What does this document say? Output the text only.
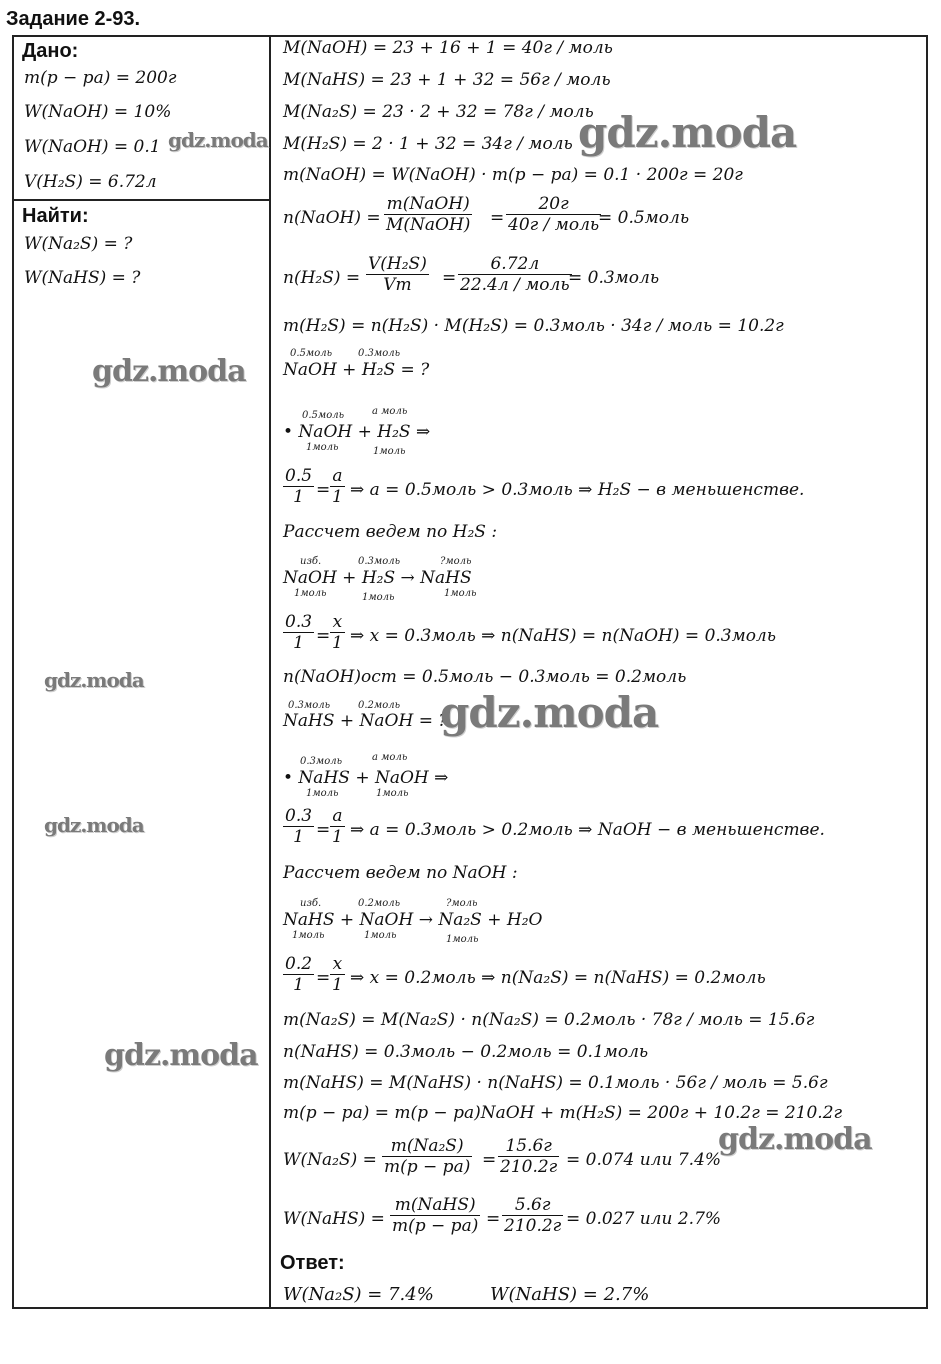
Задание 2-93.
Дано:
m(р − ра) = 200г
W(NaOH) = 10%
W(NaOH) = 0.1
V(H₂S) = 6.72л
Найти:
W(Na₂S) = ?
W(NaHS) = ?
M(NaOH) = 23 + 16 + 1 = 40г / моль
M(NaHS) = 23 + 1 + 32 = 56г / моль
M(Na₂S) = 23 · 2 + 32 = 78г / моль
M(H₂S) = 2 · 1 + 32 = 34г / моль
m(NaOH) = W(NaOH) · m(р − ра) = 0.1 · 200г = 20г
n(NaOH) =
m(NaOH)
M(NaOH) =
20г
40г / моль
= 0.5моль
$n(H_2S) = \frac{\text{V(H₂S)}}{Vm}$ =
6.72л
22.4л / моль
= 0.3моль
m(H₂S) = n(H₂S) · M(H₂S) = 0.3моль · 34г / моль = 10.2г
0.5моль	0.3моль
NaOH + H₂S = ?
0.5моль	а моль
• NaOH + H₂S ⇒
1моль	1моль
$\frac{0.5}{1} = \frac{a}{1}$ ⇒ a = 0.5моль > 0.3моль ⇒ H₂S − в меньшенстве.
Рассчет ведем по H₂S :
изб.	0.3моль	?моль
NaOH + H₂S → NaHS
1моль	1моль	1моль
$\frac{0.3}{1} = \frac{x}{1}$ ⇒ x = 0.3моль ⇒ n(NaHS) = n(NaOH) = 0.3моль
n(NaOH)ост = 0.5моль − 0.3моль = 0.2моль
0.3моль	0.2моль
NaHS + NaOH = ?
0.3моль	а моль
• NaHS + NaOH ⇒
1моль	1моль
$\frac{0.3}{1} = \frac{a}{1}$ ⇒ a = 0.3моль > 0.2моль ⇒ NaOH − в меньшенстве.
Рассчет ведем по NaOH :
изб.	0.2моль	?моль
NaHS + NaOH → Na₂S + H₂O
1моль	1моль	1моль
$\frac{0.2}{1} = \frac{x}{1}$ ⇒ x = 0.2моль ⇒ n(Na₂S) = n(NaHS) = 0.2моль
m(Na₂S) = M(Na₂S) · n(Na₂S) = 0.2моль · 78г / моль = 15.6г
n(NaHS) = 0.3моль − 0.2моль = 0.1моль
m(NaHS) = M(NaHS) · n(NaHS) = 0.1моль · 56г / моль = 5.6г
m(р − ра) = m(р − ра)NaOH + m(H₂S) = 200г + 10.2г = 210.2г
W(Na₂S) =
m(Na₂S)
m(р − ра) =
15.6г
210.2г = 0.074 или 7.4%
W(NaHS) =
m(NaHS)
m(р − ра) =
5.6г
210.2г = 0.027 или 2.7%
Ответ:
W(Na₂S) = 7.4%	W(NaHS) = 2.7%
gdz.moda
gdz.moda
gdz.moda
gdz.moda
gdz.moda
gdz.moda
gdz.moda
gdz.moda
